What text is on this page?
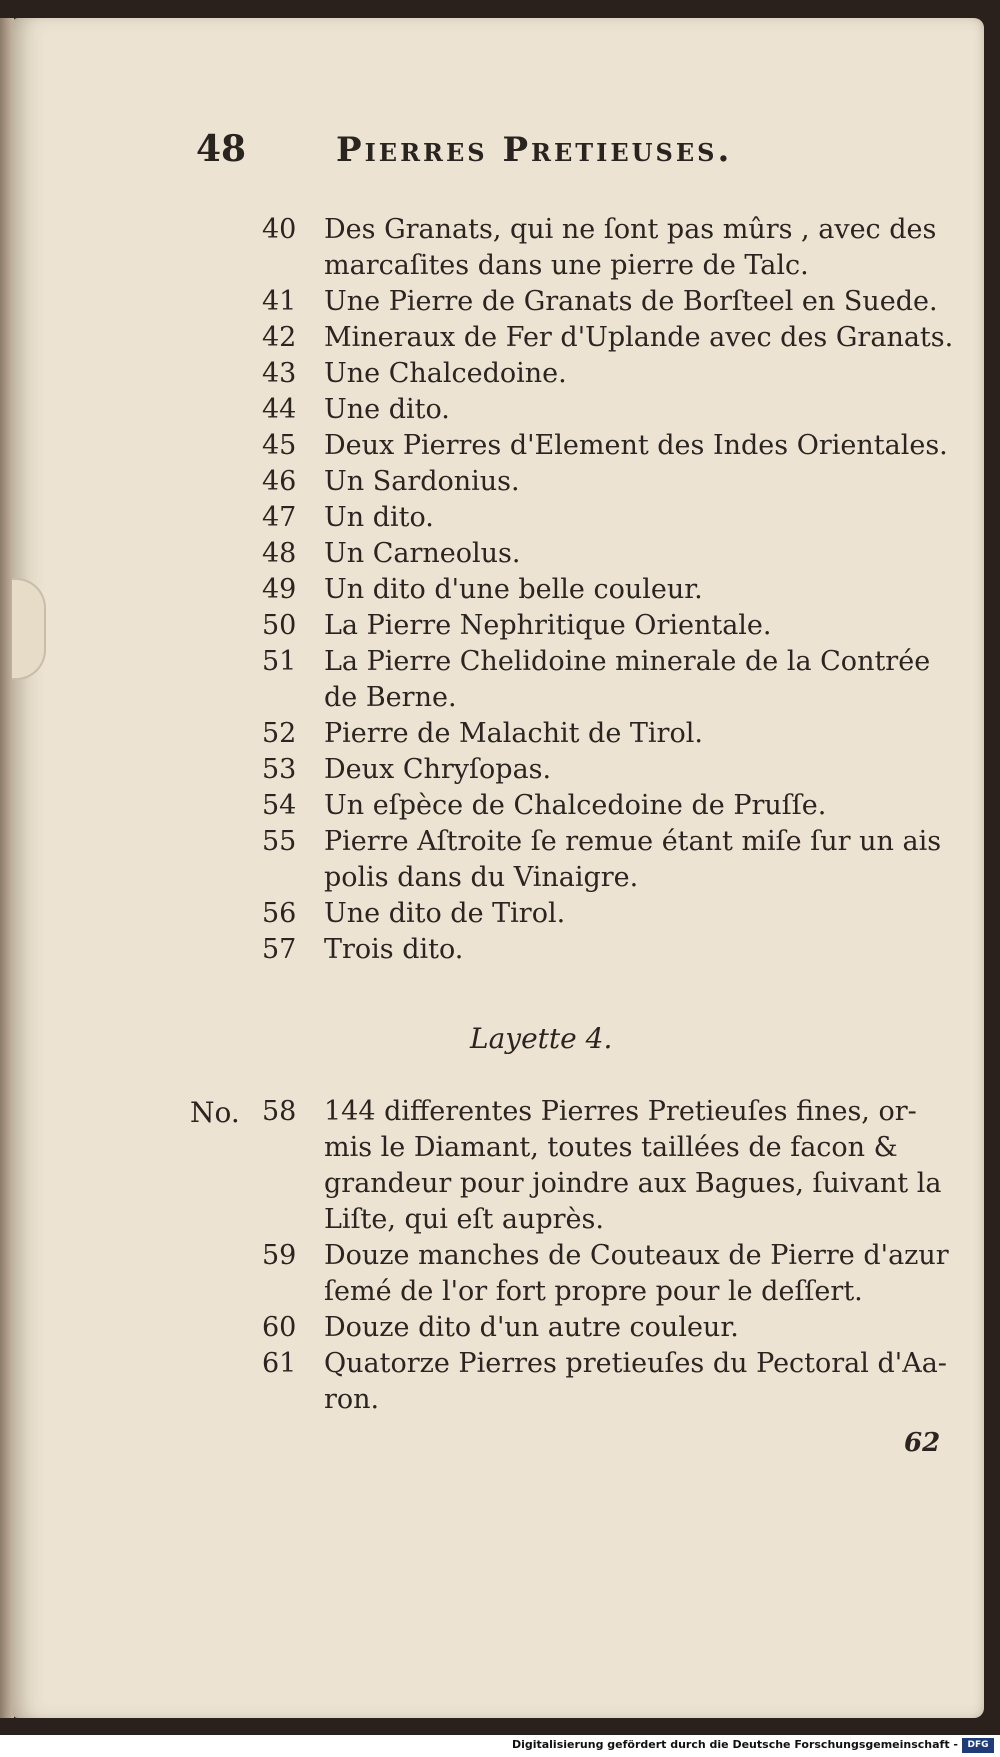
48	Pierres Pretieuses.
40	Des Granats, qui ne ſont pas mûrs , avec des
marcaſites dans une pierre de Talc.
41	Une Pierre de Granats de Borſteel en Suede.
42	Mineraux de Fer d'Uplande avec des Granats.
43	Une Chalcedoine.
44	Une dito.
45	Deux Pierres d'Element des Indes Orientales.
46	Un Sardonius.
47	Un dito.
48	Un Carneolus.
49	Un dito d'une belle couleur.
50	La Pierre Nephritique Orientale.
51	La Pierre Chelidoine minerale de la Contrée
de Berne.
52	Pierre de Malachit de Tirol.
53	Deux Chryſopas.
54	Un eſpèce de Chalcedoine de Pruſſe.
55	Pierre Aſtroite ſe remue étant miſe ſur un ais
polis dans du Vinaigre.
56	Une dito de Tirol.
57	Trois dito.
58	144 differentes Pierres Pretieuſes fines, or-
mis le Diamant, toutes taillées de facon &
grandeur pour joindre aux Bagues, ſuivant la
Liſte, qui eſt auprès.
59	Douze manches de Couteaux de Pierre d'azur
ſemé de l'or fort propre pour le deſſert.
60	Douze dito d'un autre couleur.
61	Quatorze Pierres pretieuſes du Pectoral d'Aa-
ron.
Layette 4.
No.
62
Digitalisierung gefördert durch die Deutsche Forschungsgemeinschaft -	DFG
